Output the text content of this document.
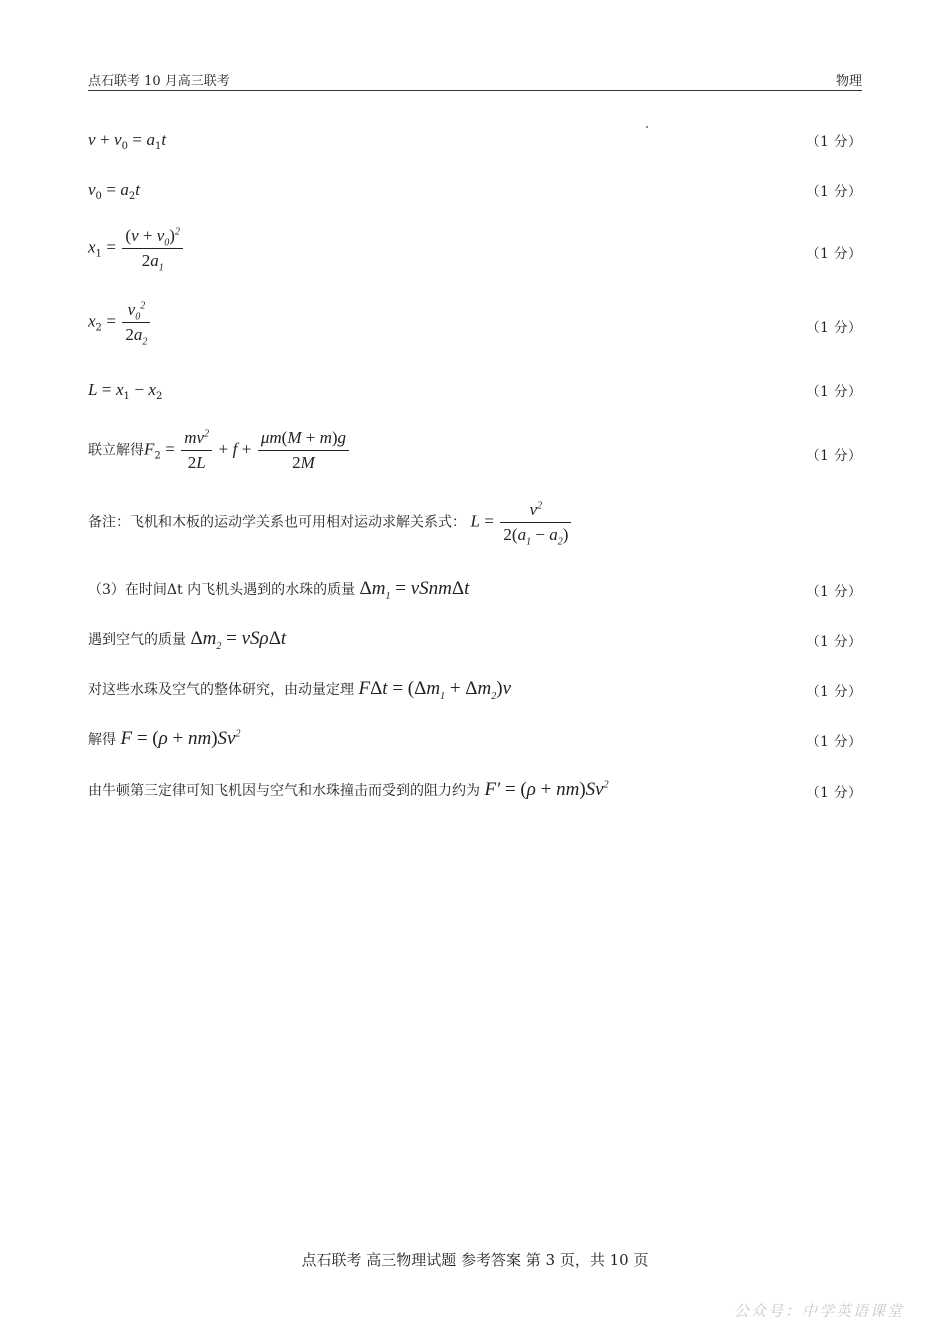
点石联考 10 月高三联考	物理
$v + v_0 = a_1t$	（1 分）
$v_0 = a_2t$	（1 分）
$x_1 = \frac{(v + v_0)^2}{2a_1}$	（1 分）
$x_2 = \frac{v_0^2}{2a_2}$	（1 分）
$L = x_1 - x_2$	（1 分）
联立解得$F_2 = \frac{mv^2}{2L} + f + \frac{\mu m(M + m)g}{2M}$	（1 分）
备注：飞机和木板的运动学关系也可用相对运动求解关系式： $L = \frac{v^2}{2(a_1 - a_2)}$
（3）在时间Δt 内飞机头遇到的水珠的质量 $\Delta m_1$ = vSnmΔt	（1 分）
遇到空气的质量 $\Delta m_2 = vS\rho\Delta t$	（1 分）
对这些水珠及空气的整体研究，由动量定理 $F\Delta t = (\Delta m_1 + \Delta m_2)v$	（1 分）
解得 $F = (\rho + nm)Sv^2$	（1 分）
由牛顿第三定律可知飞机因与空气和水珠撞击而受到的阻力约为 $F' = (\rho + nm)Sv^2$	（1 分）
点石联考 高三物理试题 参考答案 第 3 页，共 10 页
公众号：中学英语课堂
